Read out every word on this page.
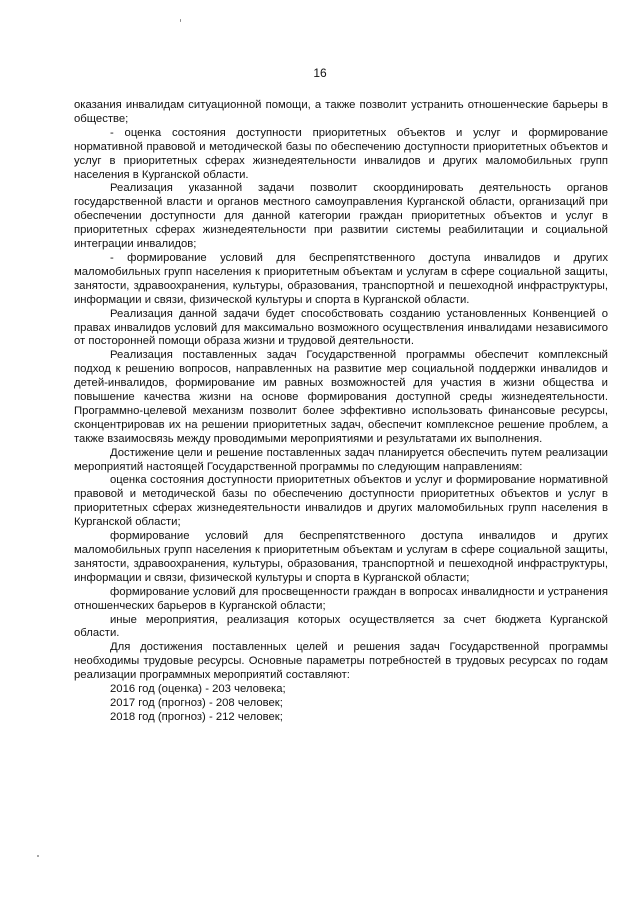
16

оказания инвалидам ситуационной помощи, а также позволит устранить отношенческие барьеры в обществе;

- оценка состояния доступности приоритетных объектов и услуг и формирование нормативной правовой и методической базы по обеспечению доступности приоритетных объектов и услуг в приоритетных сферах жизнедеятельности инвалидов и других маломобильных групп населения в Курганской области.

Реализация указанной задачи позволит скоординировать деятельность органов государственной власти и органов местного самоуправления Курганской области, организаций при обеспечении доступности для данной категории граждан приоритетных объектов и услуг в приоритетных сферах жизнедеятельности при развитии системы реабилитации и социальной интеграции инвалидов;

- формирование условий для беспрепятственного доступа инвалидов и других маломобильных групп населения к приоритетным объектам и услугам в сфере социальной защиты, занятости, здравоохранения, культуры, образования, транспортной и пешеходной инфраструктуры, информации и связи, физической культуры и спорта в Курганской области.

Реализация данной задачи будет способствовать созданию установленных Конвенцией о правах инвалидов условий для максимально возможного осуществления инвалидами независимого от посторонней помощи образа жизни и трудовой деятельности.

Реализация поставленных задач Государственной программы обеспечит комплексный подход к решению вопросов, направленных на развитие мер социальной поддержки инвалидов и детей-инвалидов, формирование им равных возможностей для участия в жизни общества и повышение качества жизни на основе формирования доступной среды жизнедеятельности. Программно-целевой механизм позволит более эффективно использовать финансовые ресурсы, сконцентрировав их на решении приоритетных задач, обеспечит комплексное решение проблем, а также взаимосвязь между проводимыми мероприятиями и результатами их выполнения.

Достижение цели и решение поставленных задач планируется обеспечить путем реализации мероприятий настоящей Государственной программы по следующим направлениям:

оценка состояния доступности приоритетных объектов и услуг и формирование нормативной правовой и методической базы по обеспечению доступности приоритетных объектов и услуг в приоритетных сферах жизнедеятельности инвалидов и других маломобильных групп населения в Курганской области;

формирование условий для беспрепятственного доступа инвалидов и других маломобильных групп населения к приоритетным объектам и услугам в сфере социальной защиты, занятости, здравоохранения, культуры, образования, транспортной и пешеходной инфраструктуры, информации и связи, физической культуры и спорта в Курганской области;

формирование условий для просвещенности граждан в вопросах инвалидности и устранения отношенческих барьеров в Курганской области;

иные мероприятия, реализация которых осуществляется за счет бюджета Курганской области.

Для достижения поставленных целей и решения задач Государственной программы необходимы трудовые ресурсы. Основные параметры потребностей в трудовых ресурсах по годам реализации программных мероприятий составляют:

2016 год (оценка) - 203 человека;

2017 год (прогноз) - 208 человек;

2018 год (прогноз) - 212 человек;
